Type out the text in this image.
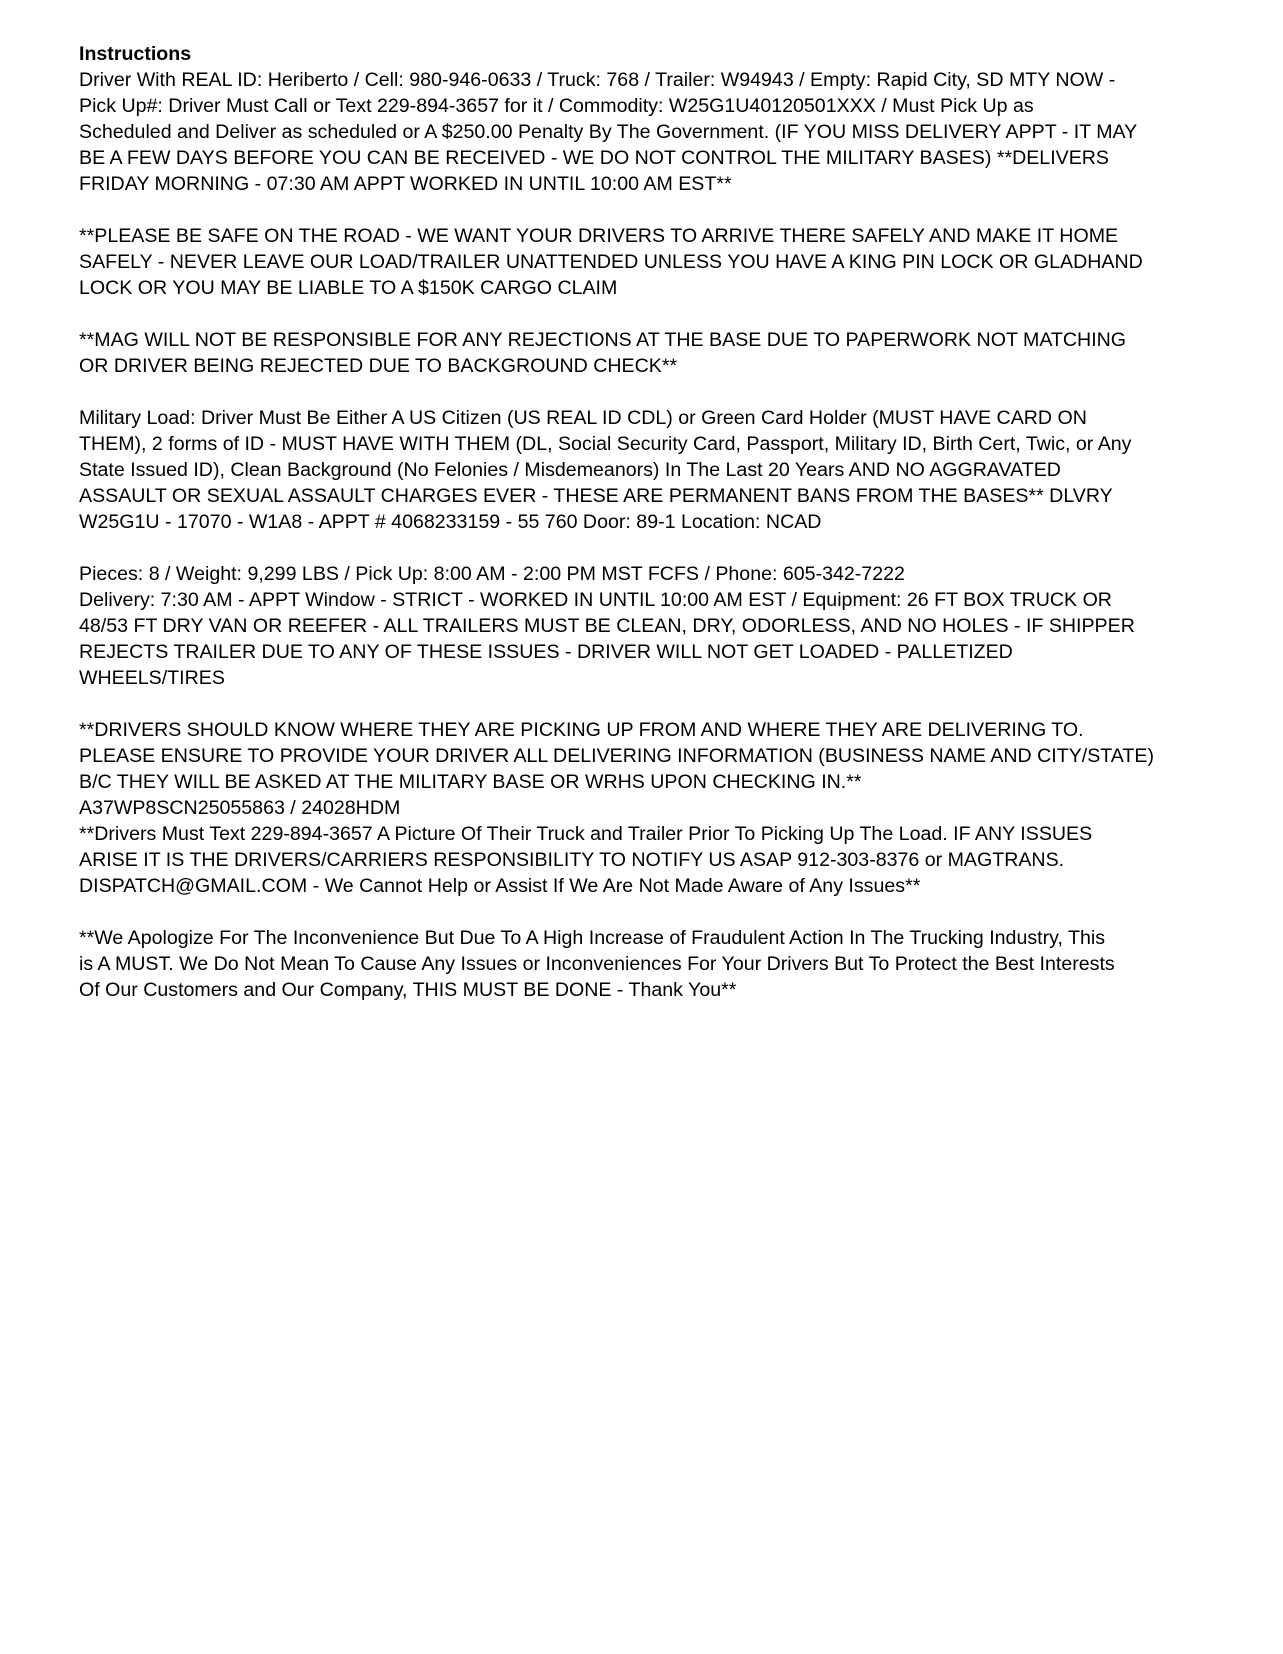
Instructions
Driver With REAL ID: Heriberto / Cell: 980-946-0633 / Truck: 768 / Trailer: W94943 / Empty: Rapid City, SD MTY NOW -
Pick Up#: Driver Must Call or Text 229-894-3657 for it / Commodity: W25G1U40120501XXX / Must Pick Up as
Scheduled and Deliver as scheduled or A $250.00 Penalty By The Government. (IF YOU MISS DELIVERY APPT - IT MAY
BE A FEW DAYS BEFORE YOU CAN BE RECEIVED - WE DO NOT CONTROL THE MILITARY BASES) **DELIVERS
FRIDAY MORNING - 07:30 AM APPT WORKED IN UNTIL 10:00 AM EST**
**PLEASE BE SAFE ON THE ROAD - WE WANT YOUR DRIVERS TO ARRIVE THERE SAFELY AND MAKE IT HOME
SAFELY - NEVER LEAVE OUR LOAD/TRAILER UNATTENDED UNLESS YOU HAVE A KING PIN LOCK OR GLADHAND
LOCK OR YOU MAY BE LIABLE TO A $150K CARGO CLAIM
**MAG WILL NOT BE RESPONSIBLE FOR ANY REJECTIONS AT THE BASE DUE TO PAPERWORK NOT MATCHING
OR DRIVER BEING REJECTED DUE TO BACKGROUND CHECK**
Military Load: Driver Must Be Either A US Citizen (US REAL ID CDL) or Green Card Holder (MUST HAVE CARD ON
THEM), 2 forms of ID - MUST HAVE WITH THEM (DL, Social Security Card, Passport, Military ID, Birth Cert, Twic, or Any
State Issued ID), Clean Background (No Felonies / Misdemeanors) In The Last 20 Years AND NO AGGRAVATED
ASSAULT OR SEXUAL ASSAULT CHARGES EVER - THESE ARE PERMANENT BANS FROM THE BASES** DLVRY
W25G1U - 17070 - W1A8 - APPT # 4068233159 - 55 760 Door: 89-1 Location: NCAD
Pieces: 8 / Weight: 9,299 LBS / Pick Up: 8:00 AM - 2:00 PM MST FCFS / Phone: 605-342-7222
Delivery: 7:30 AM - APPT Window - STRICT - WORKED IN UNTIL 10:00 AM EST / Equipment: 26 FT BOX TRUCK OR
48/53 FT DRY VAN OR REEFER - ALL TRAILERS MUST BE CLEAN, DRY, ODORLESS, AND NO HOLES - IF SHIPPER
REJECTS TRAILER DUE TO ANY OF THESE ISSUES - DRIVER WILL NOT GET LOADED - PALLETIZED
WHEELS/TIRES
**DRIVERS SHOULD KNOW WHERE THEY ARE PICKING UP FROM AND WHERE THEY ARE DELIVERING TO.
PLEASE ENSURE TO PROVIDE YOUR DRIVER ALL DELIVERING INFORMATION (BUSINESS NAME AND CITY/STATE)
B/C THEY WILL BE ASKED AT THE MILITARY BASE OR WRHS UPON CHECKING IN.**
A37WP8SCN25055863 / 24028HDM
**Drivers Must Text 229-894-3657 A Picture Of Their Truck and Trailer Prior To Picking Up The Load. IF ANY ISSUES
ARISE IT IS THE DRIVERS/CARRIERS RESPONSIBILITY TO NOTIFY US ASAP 912-303-8376 or MAGTRANS.
DISPATCH@GMAIL.COM - We Cannot Help or Assist If We Are Not Made Aware of Any Issues**
**We Apologize For The Inconvenience But Due To A High Increase of Fraudulent Action In The Trucking Industry, This
is A MUST. We Do Not Mean To Cause Any Issues or Inconveniences For Your Drivers But To Protect the Best Interests
Of Our Customers and Our Company, THIS MUST BE DONE - Thank You**
